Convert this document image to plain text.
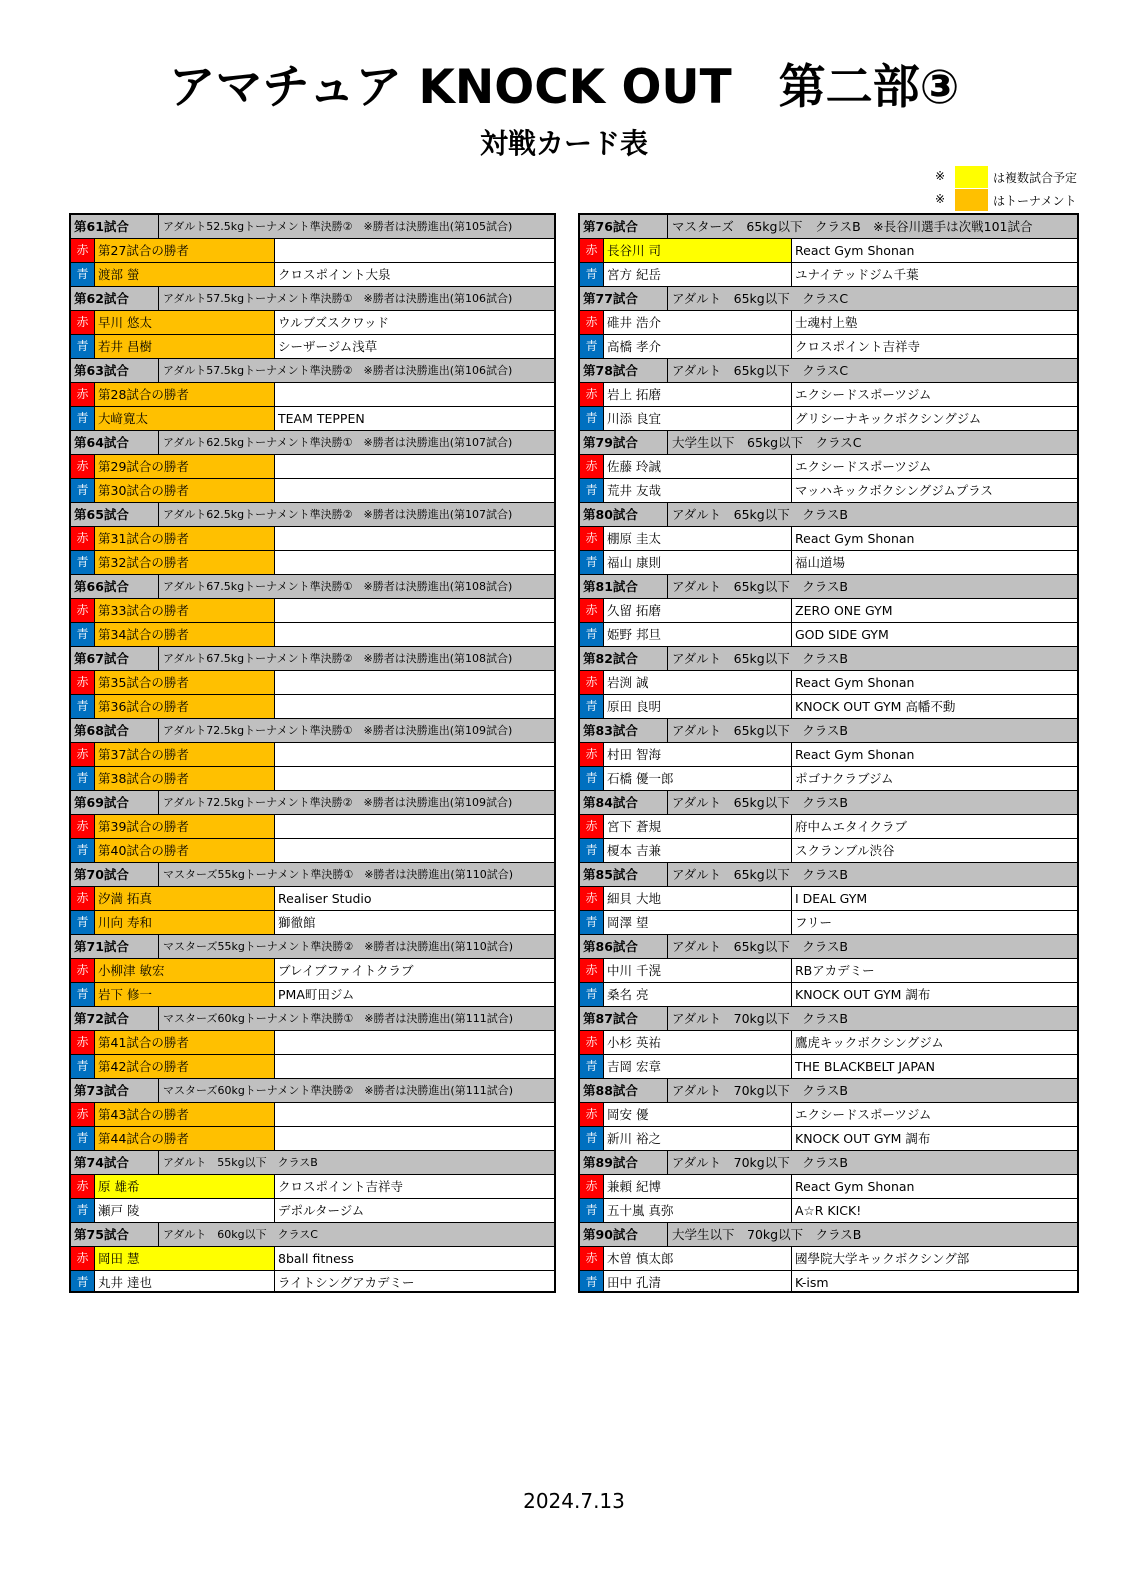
アマチュア KNOCK OUT　第二部③
対戦カード表
※	は複数試合予定
※	はトーナメント
第61試合	アダルト52.5kgトーナメント準決勝②　※勝者は決勝進出(第105試合)
赤 第27試合の勝者
青 渡部 螢	クロスポイント大泉
第62試合	アダルト57.5kgトーナメント準決勝①　※勝者は決勝進出(第106試合)
赤 早川 悠太	ウルブズスクワッド
青 若井 昌樹	シーザージム浅草
第63試合	アダルト57.5kgトーナメント準決勝②　※勝者は決勝進出(第106試合)
赤 第28試合の勝者
青 大﨑寛太	TEAM TEPPEN
第64試合	アダルト62.5kgトーナメント準決勝①　※勝者は決勝進出(第107試合)
赤 第29試合の勝者
青 第30試合の勝者
第65試合	アダルト62.5kgトーナメント準決勝②　※勝者は決勝進出(第107試合)
赤 第31試合の勝者
青 第32試合の勝者
第66試合	アダルト67.5kgトーナメント準決勝①　※勝者は決勝進出(第108試合)
赤 第33試合の勝者
青 第34試合の勝者
第67試合	アダルト67.5kgトーナメント準決勝②　※勝者は決勝進出(第108試合)
赤 第35試合の勝者
青 第36試合の勝者
第68試合	アダルト72.5kgトーナメント準決勝①　※勝者は決勝進出(第109試合)
赤 第37試合の勝者
青 第38試合の勝者
第69試合	アダルト72.5kgトーナメント準決勝②　※勝者は決勝進出(第109試合)
赤 第39試合の勝者
青 第40試合の勝者
第70試合	マスターズ55kgトーナメント準決勝①　※勝者は決勝進出(第110試合)
赤 汐満 拓真	Realiser Studio
青 川向 寿和	獅徹館
第71試合	マスターズ55kgトーナメント準決勝②　※勝者は決勝進出(第110試合)
赤 小柳津 敏宏	ブレイブファイトクラブ
青 岩下 修一	PMA町田ジム
第72試合	マスターズ60kgトーナメント準決勝①　※勝者は決勝進出(第111試合)
赤 第41試合の勝者
青 第42試合の勝者
第73試合	マスターズ60kgトーナメント準決勝②　※勝者は決勝進出(第111試合)
赤 第43試合の勝者
青 第44試合の勝者
第74試合	アダルト　55kg以下　クラスB
赤 原 雄希	クロスポイント吉祥寺
青 瀬戸 陵	デポルタージム
第75試合	アダルト　60kg以下　クラスC
赤 岡田 慧	8ball fitness
青 丸井 達也	ライトシングアカデミー
第76試合	マスターズ　65kg以下　クラスB　※長谷川選手は次戦101試合
赤 長谷川 司	React Gym Shonan
青 宮方 紀岳	ユナイテッドジム千葉
第77試合	アダルト　65kg以下　クラスC
赤 碓井 浩介	士魂村上塾
青 高橋 孝介	クロスポイント吉祥寺
第78試合	アダルト　65kg以下　クラスC
赤 岩上 拓磨	エクシードスポーツジム
青 川添 良宜	グリシーナキックボクシングジム
第79試合	大学生以下　65kg以下　クラスC
赤 佐藤 玲誠	エクシードスポーツジム
青 荒井 友哉	マッハキックボクシングジムプラス
第80試合	アダルト　65kg以下　クラスB
赤 棚原 圭太	React Gym Shonan
青 福山 康則	福山道場
第81試合	アダルト　65kg以下　クラスB
赤 久留 拓磨	ZERO ONE GYM
青 姫野 邦旦	GOD SIDE GYM
第82試合	アダルト　65kg以下　クラスB
赤 岩渕 誠	React Gym Shonan
青 原田 良明	KNOCK OUT GYM 高幡不動
第83試合	アダルト　65kg以下　クラスB
赤 村田 智海	React Gym Shonan
青 石橋 優一郎	ポゴナクラブジム
第84試合	アダルト　65kg以下　クラスB
赤 宮下 蒼規	府中ムエタイクラブ
青 榎本 吉兼	スクランブル渋谷
第85試合	アダルト　65kg以下　クラスB
赤 細貝 大地	I DEAL GYM
青 岡澤 望	フリー
第86試合	アダルト　65kg以下　クラスB
赤 中川 千滉	RBアカデミー
青 桑名 亮	KNOCK OUT GYM 調布
第87試合	アダルト　70kg以下　クラスB
赤 小杉 英祐	鷹虎キックボクシングジム
青 吉岡 宏章	THE BLACKBELT JAPAN
第88試合	アダルト　70kg以下　クラスB
赤 岡安 優	エクシードスポーツジム
青 新川 裕之	KNOCK OUT GYM 調布
第89試合	アダルト　70kg以下　クラスB
赤 兼頼 紀博	React Gym Shonan
青 五十嵐 真弥	A☆R KICK!
第90試合	大学生以下　70kg以下　クラスB
赤 木曽 慎太郎	國學院大学キックボクシング部
青 田中 孔清	K-ism
2024.7.13
